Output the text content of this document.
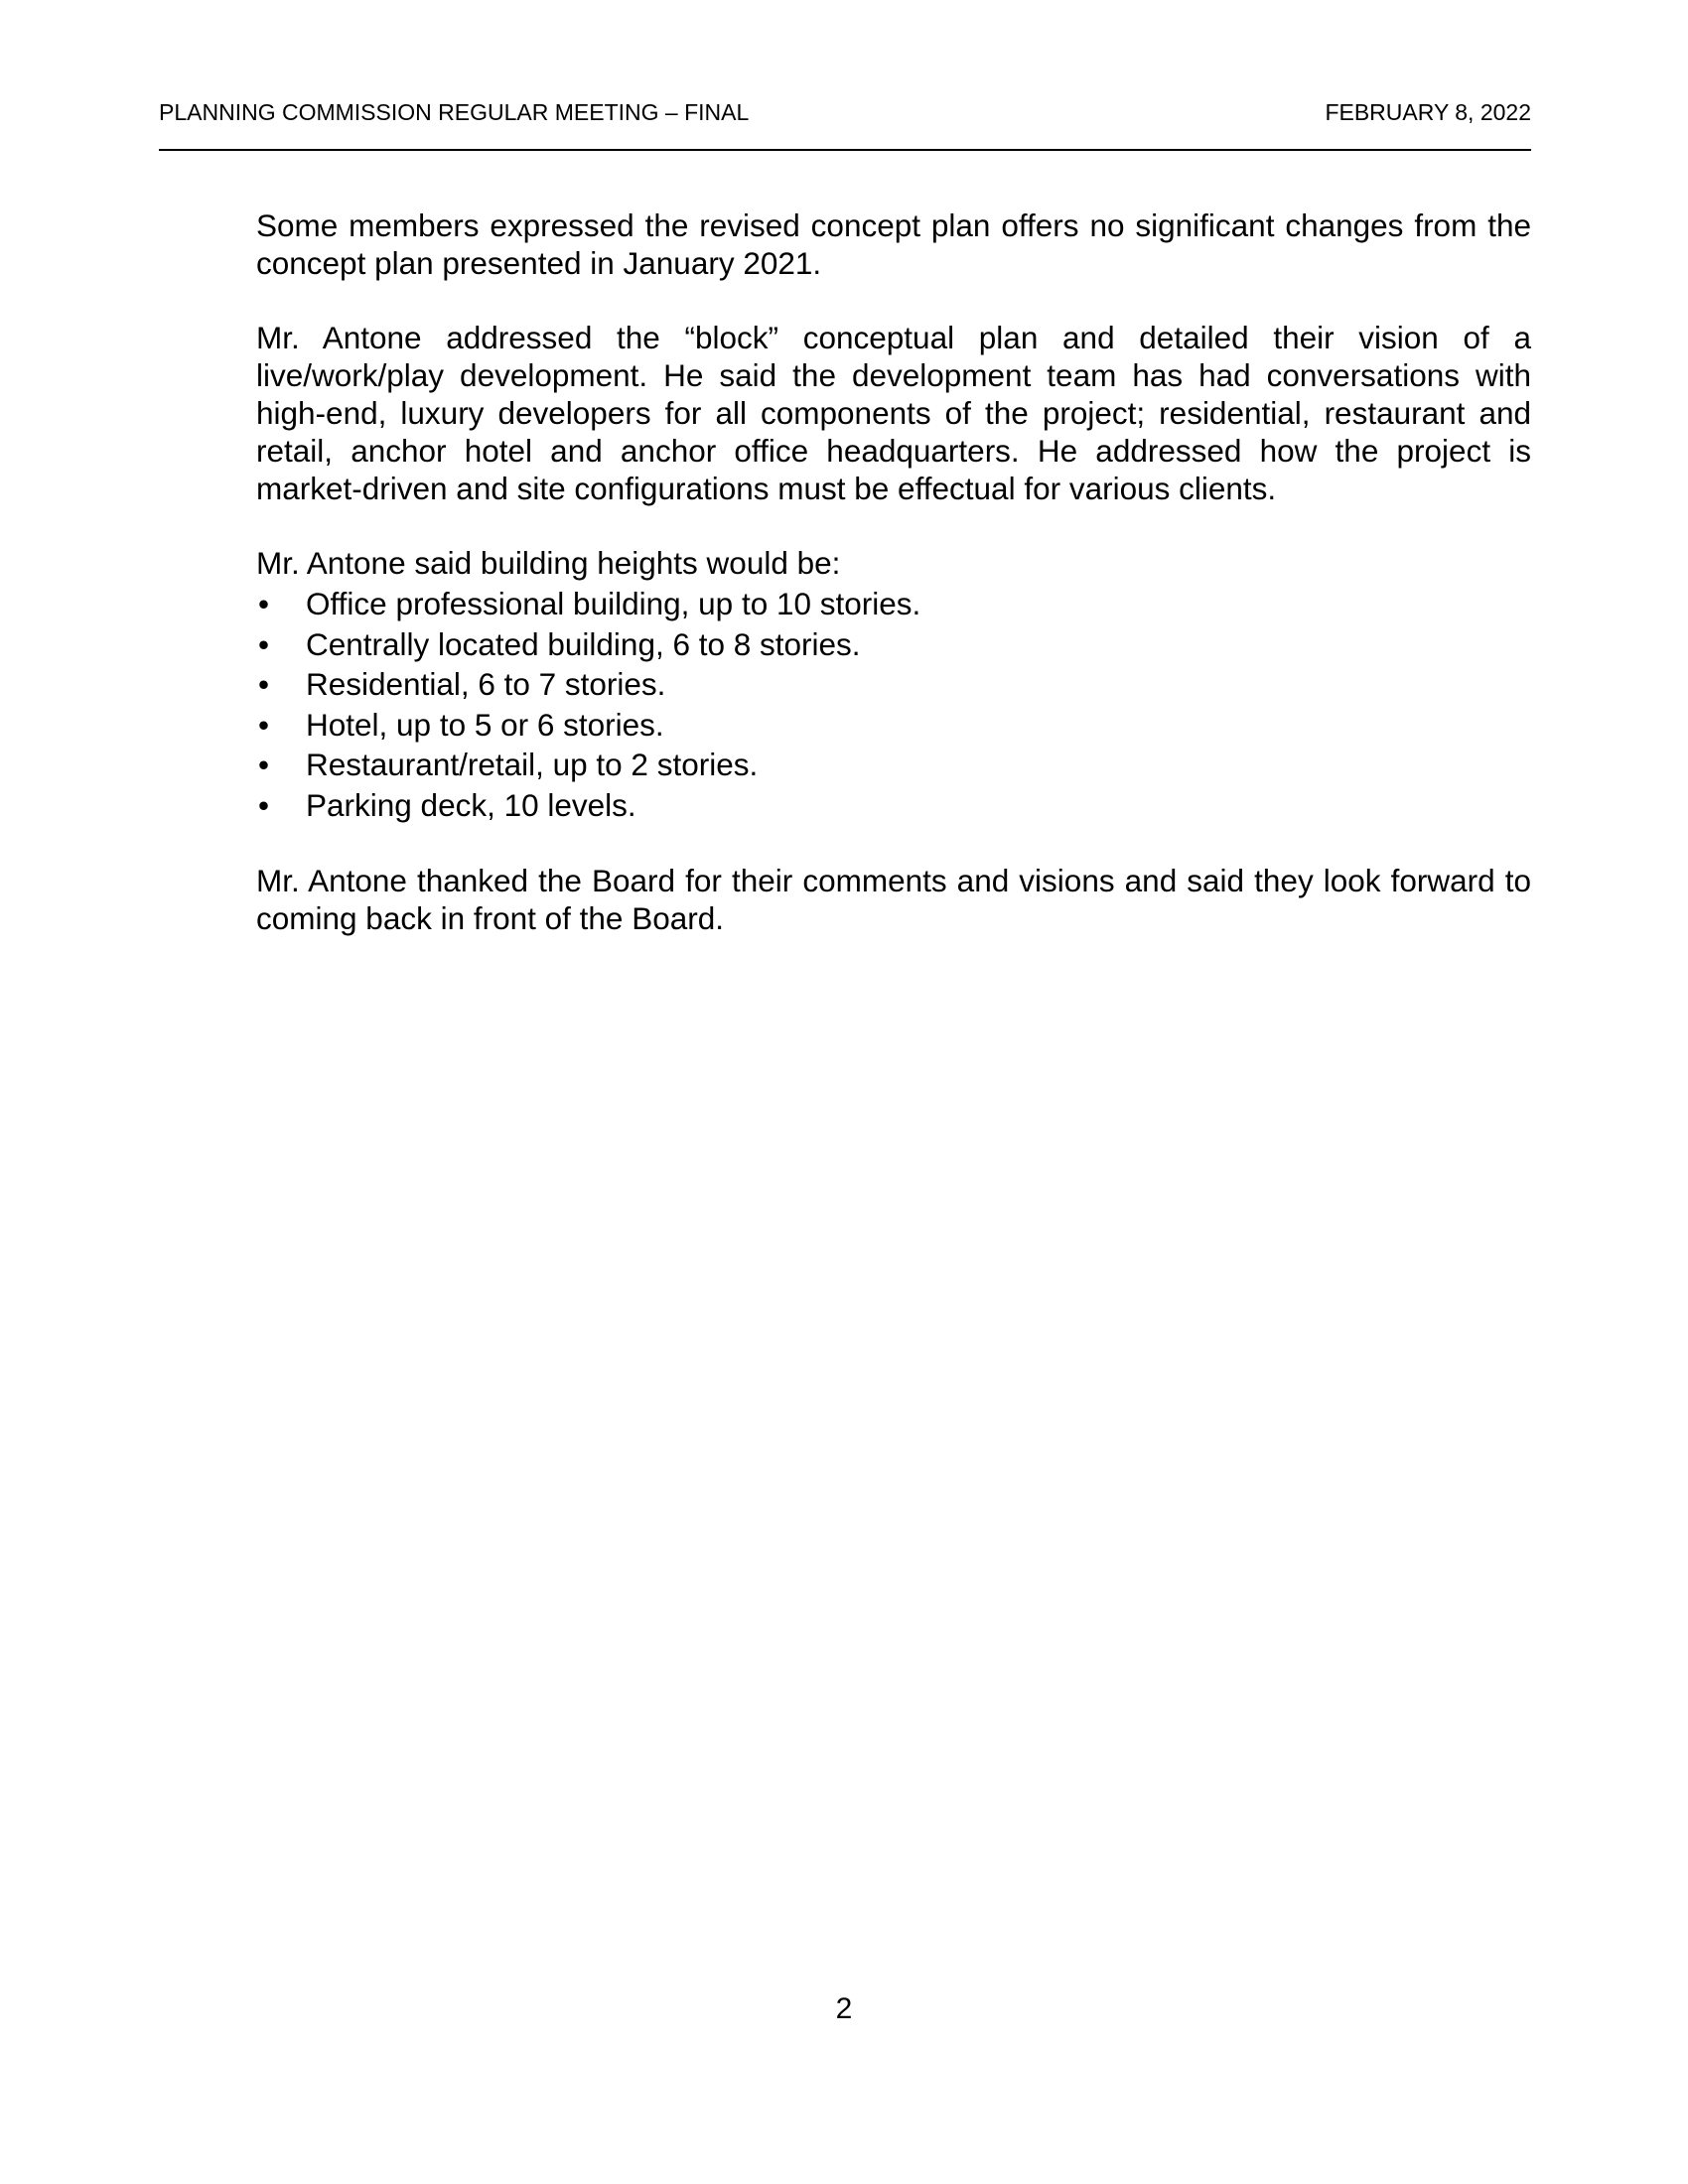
PLANNING COMMISSION REGULAR MEETING – FINAL	FEBRUARY 8, 2022

Some members expressed the revised concept plan offers no significant changes from the concept plan presented in January 2021.

Mr. Antone addressed the “block” conceptual plan and detailed their vision of a live/work/play development. He said the development team has had conversations with high-end, luxury developers for all components of the project; residential, restaurant and retail, anchor hotel and anchor office headquarters. He addressed how the project is market-driven and site configurations must be effectual for various clients.

Mr. Antone said building heights would be:

• Office professional building, up to 10 stories.
• Centrally located building, 6 to 8 stories.
• Residential, 6 to 7 stories.
• Hotel, up to 5 or 6 stories.
• Restaurant/retail, up to 2 stories.
• Parking deck, 10 levels.

Mr. Antone thanked the Board for their comments and visions and said they look forward to coming back in front of the Board.

2
